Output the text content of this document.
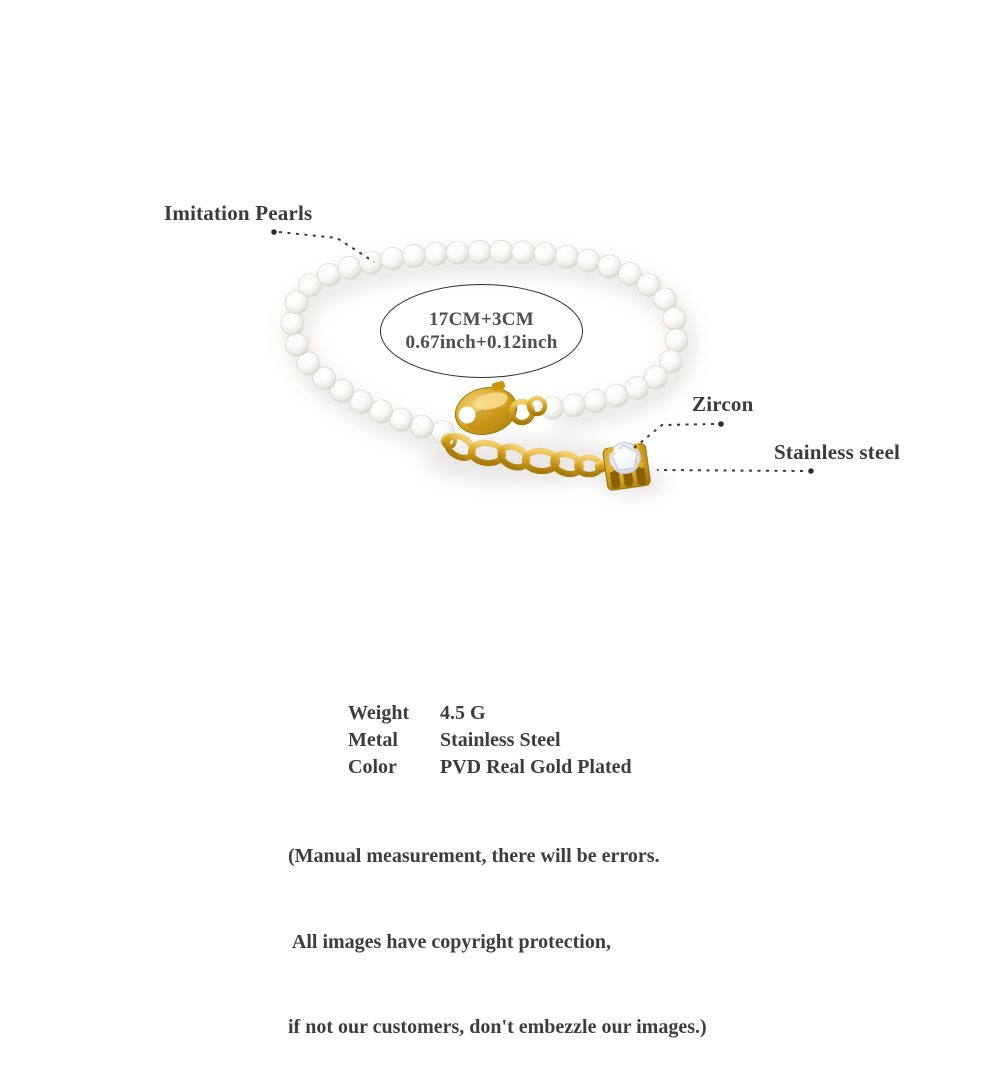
Imitation Pearls
17CM+3CM
0.67inch+0.12inch
Zircon
Stainless steel
Weight	4.5 G
Metal	Stainless Steel
Color	PVD Real Gold Plated

(Manual measurement, there will be errors.

All images have copyright protection,

if not our customers, don't embezzle our images.)
